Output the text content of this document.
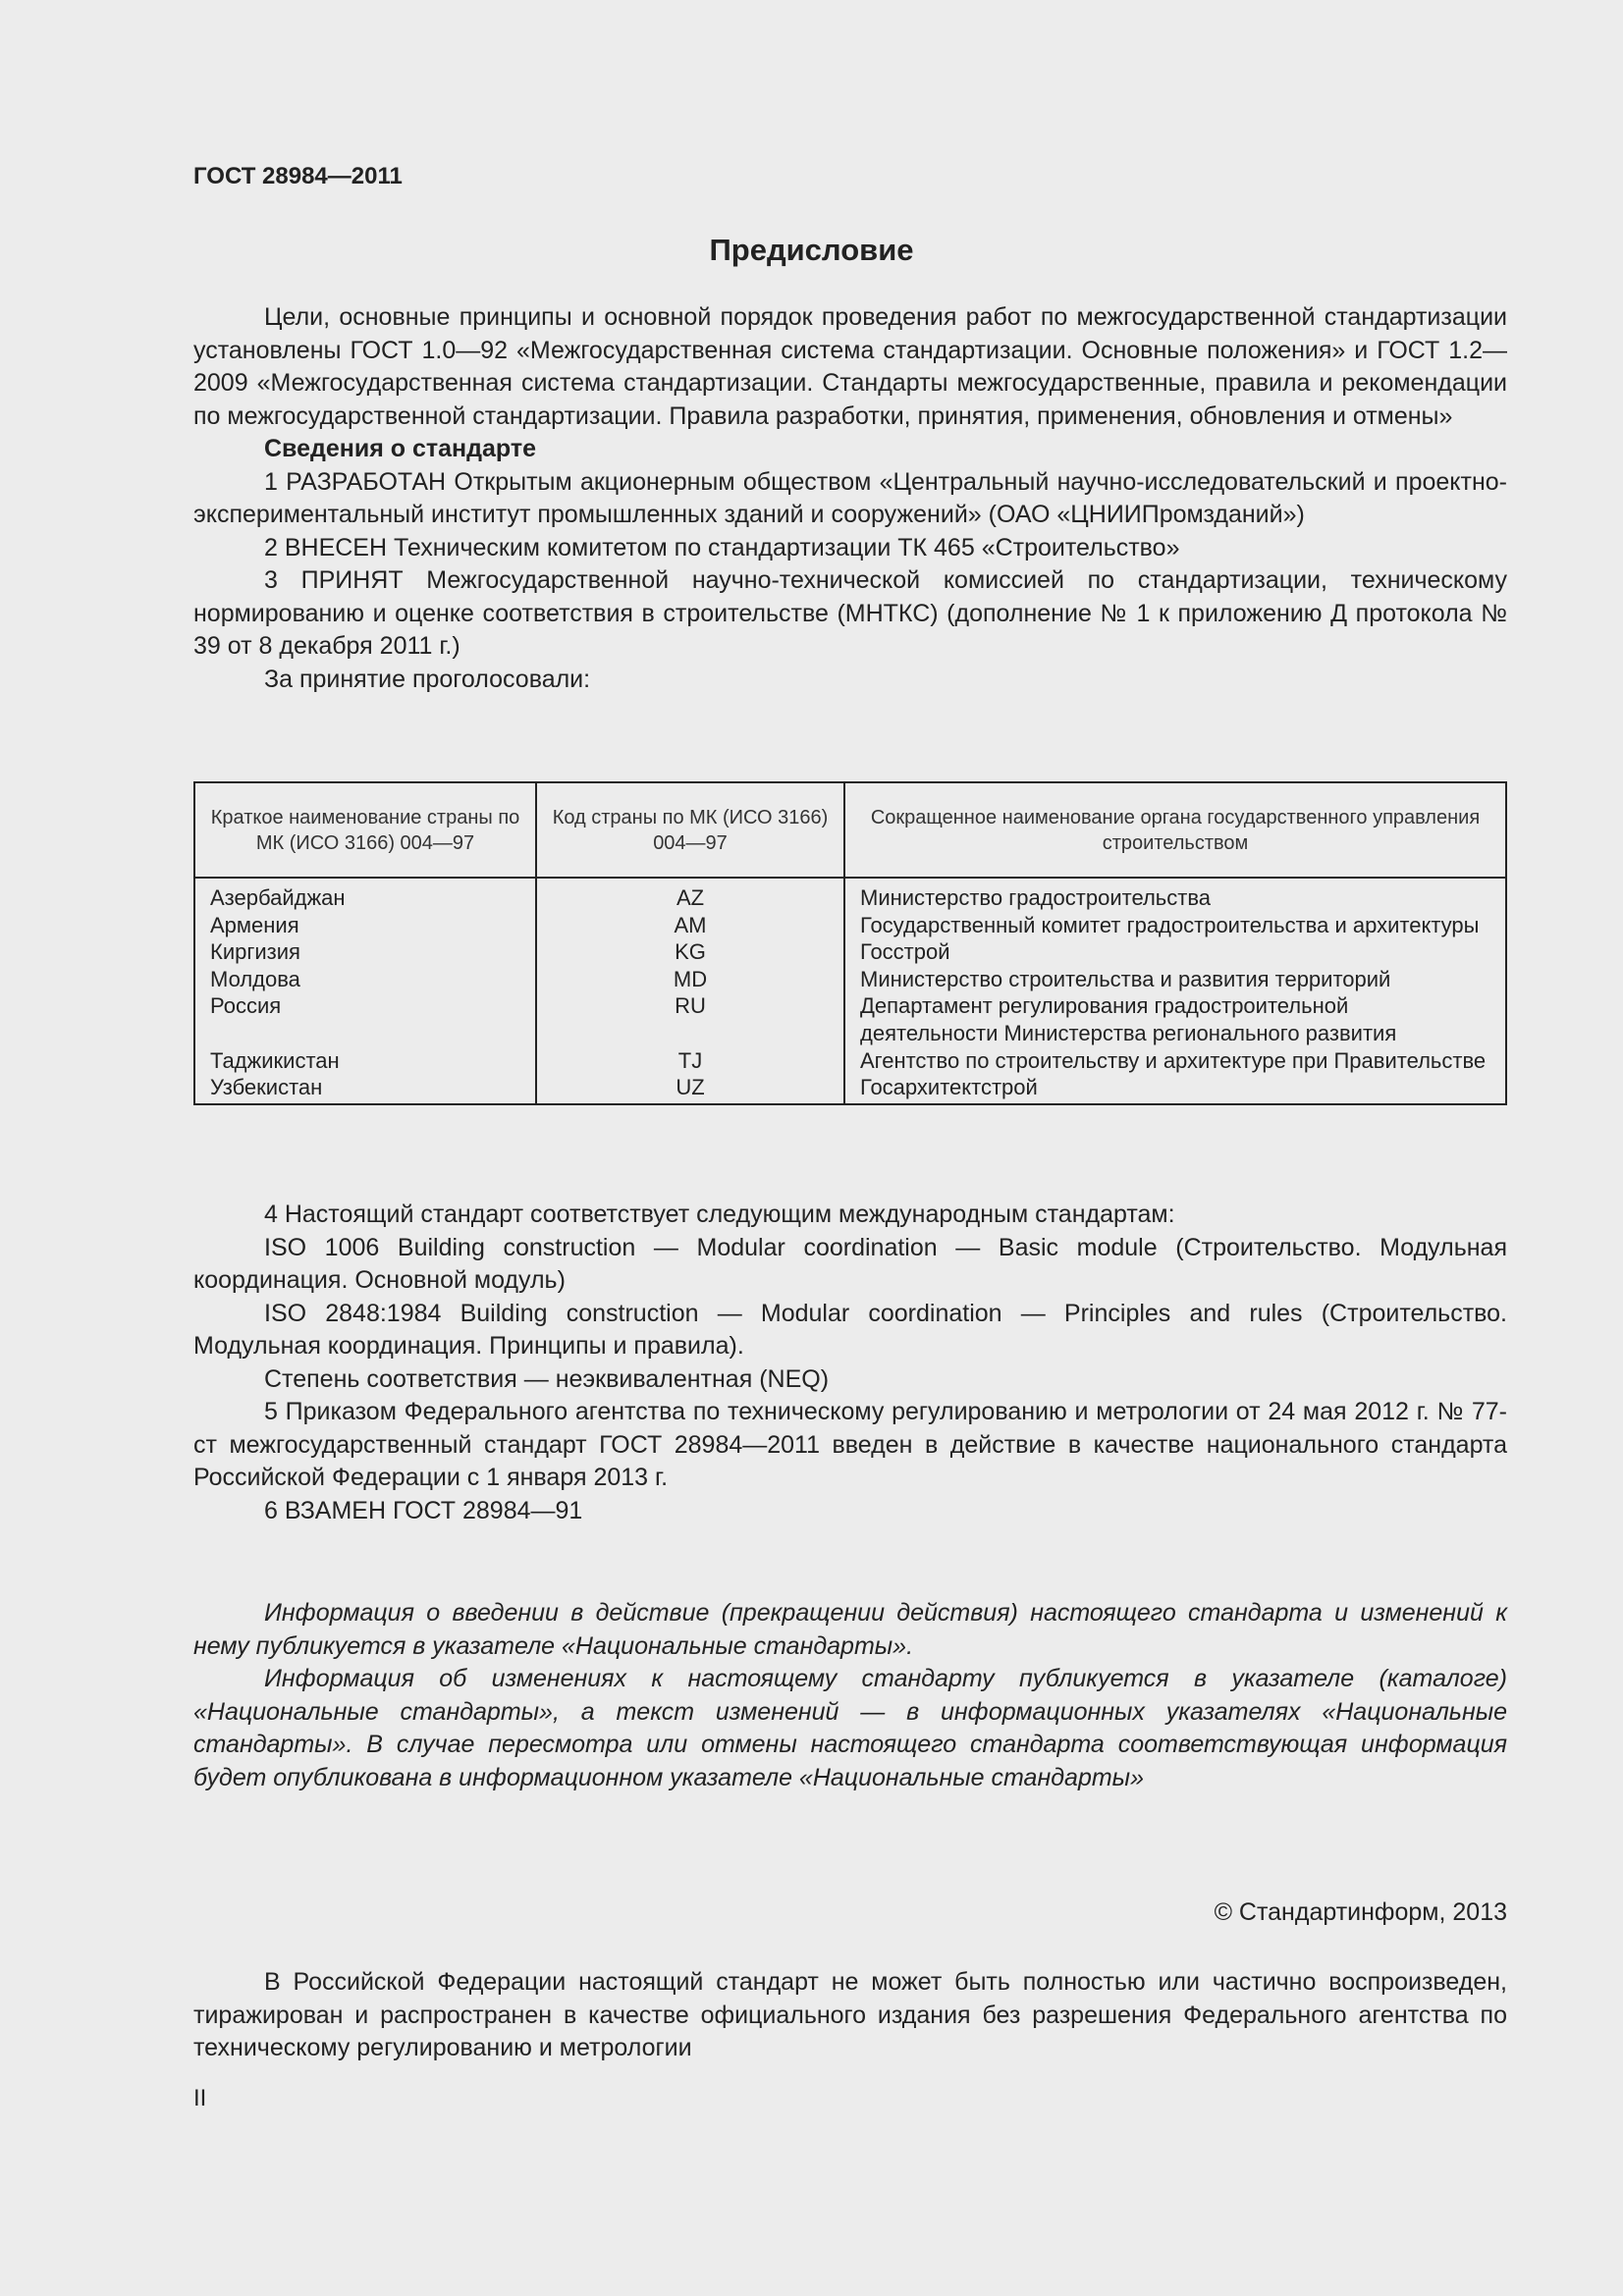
ГОСТ 28984—2011
Предисловие

Цели, основные принципы и основной порядок проведения работ по межгосударственной стандартизации установлены ГОСТ 1.0—92 «Межгосударственная система стандартизации. Основные положения» и ГОСТ 1.2—2009 «Межгосударственная система стандартизации. Стандарты межгосударственные, правила и рекомендации по межгосударственной стандартизации. Правила разработки, принятия, применения, обновления и отмены»

Сведения о стандарте

1 РАЗРАБОТАН Открытым акционерным обществом «Центральный научно-исследовательский и проектно-экспериментальный институт промышленных зданий и сооружений» (ОАО «ЦНИИПромзданий»)

2 ВНЕСЕН Техническим комитетом по стандартизации ТК 465 «Строительство»

3 ПРИНЯТ Межгосударственной научно-технической комиссией по стандартизации, техническому нормированию и оценке соответствия в строительстве (МНТКС) (дополнение № 1 к приложению Д протокола № 39 от 8 декабря 2011 г.)

За принятие проголосовали:

Краткое наименование страны по МК (ИСО 3166) 004—97	Код страны по МК (ИСО 3166) 004—97	Сокращенное наименование органа государственного управления строительством
Азербайджан	AZ	Министерство градостроительства
Армения	AM	Государственный комитет градостроительства и архитектуры
Киргизия	KG	Госстрой
Молдова	MD	Министерство строительства и развития территорий
Россия	RU	Департамент регулирования градостроительной деятельности Министерства регионального развития
Таджикистан	TJ	Агентство по строительству и архитектуре при Правительстве
Узбекистан	UZ	Госархитектстрой

4 Настоящий стандарт соответствует следующим международным стандартам:

ISO 1006 Building construction — Modular coordination — Basic module (Строительство. Модульная координация. Основной модуль)

ISO 2848:1984 Building construction — Modular coordination — Principles and rules (Строительство. Модульная координация. Принципы и правила).

Степень соответствия — неэквивалентная (NEQ)

5 Приказом Федерального агентства по техническому регулированию и метрологии от 24 мая 2012 г. № 77-ст межгосударственный стандарт ГОСТ 28984—2011 введен в действие в качестве национального стандарта Российской Федерации с 1 января 2013 г.

6 ВЗАМЕН ГОСТ 28984—91

Информация о введении в действие (прекращении действия) настоящего стандарта и изменений к нему публикуется в указателе «Национальные стандарты».

Информация об изменениях к настоящему стандарту публикуется в указателе (каталоге) «Национальные стандарты», а текст изменений — в информационных указателях «Национальные стандарты». В случае пересмотра или отмены настоящего стандарта соответствующая информация будет опубликована в информационном указателе «Национальные стандарты»

© Стандартинформ, 2013

В Российской Федерации настоящий стандарт не может быть полностью или частично воспроизведен, тиражирован и распространен в качестве официального издания без разрешения Федерального агентства по техническому регулированию и метрологии

II
